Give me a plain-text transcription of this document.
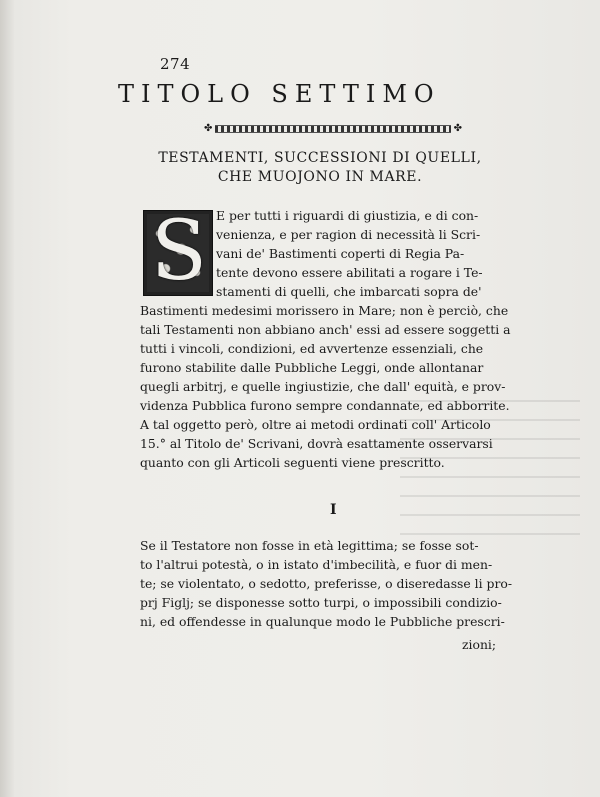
274
TITOLO SETTIMO
✤	✤
TESTAMENTI, SUCCESSIONI DI QUELLI,
CHE MUOJONO IN MARE.
S E per tutti i riguardi di giustizia, e di con-
venienza, e per ragion di necessità li Scri-
vani de' Bastimenti coperti di Regia Pa-
tente devono essere abilitati a rogare i Te-
stamenti di quelli, che imbarcati sopra de'
Bastimenti medesimi morissero in Mare; non è perciò, che
tali Testamenti non abbiano anch' essi ad essere soggetti a
tutti i vincoli, condizioni, ed avvertenze essenziali, che
furono stabilite dalle Pubbliche Leggi, onde allontanar
quegli arbitrj, e quelle ingiustizie, che dall' equità, e prov-
videnza Pubblica furono sempre condannate, ed abborrite.
A tal oggetto però, oltre ai metodi ordinati coll' Articolo
15.° al Titolo de' Scrivani, dovrà esattamente osservarsi
quanto con gli Articoli seguenti viene prescritto.
I
Se il Testatore non fosse in età legittima; se fosse sot-
to l'altrui potestà, o in istato d'imbecilità, e fuor di men-
te; se violentato, o sedotto, preferisse, o diseredasse li pro-
prj Figlj; se disponesse sotto turpi, o impossibili condizio-
ni, ed offendesse in qualunque modo le Pubbliche prescri-
zioni;
